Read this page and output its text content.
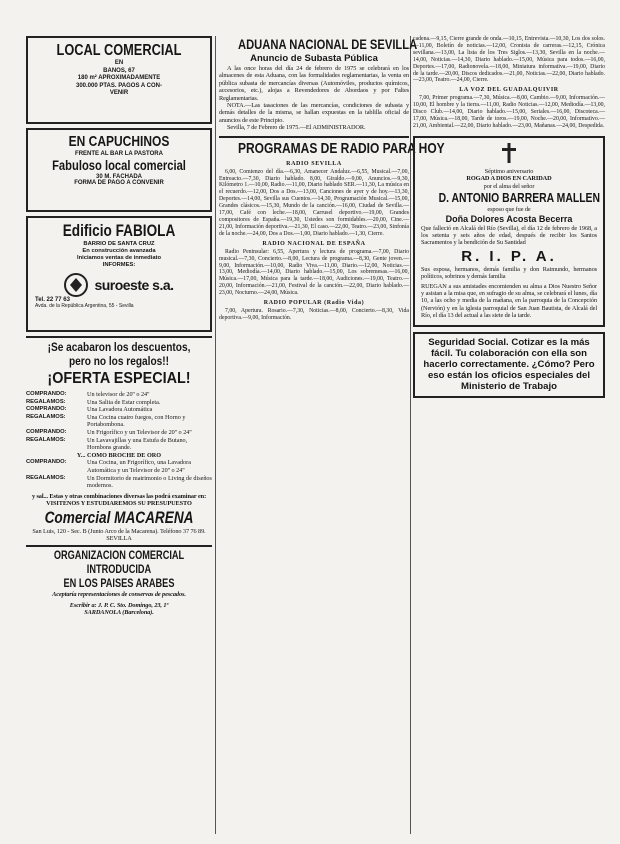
LOCAL COMERCIAL
EN
BANOS, 67
180 m² APROXIMADAMENTE
300.000 PTAS. PAGOS A CON-
VENIR
EN CAPUCHINOS
FRENTE AL BAR LA PASTORA
Fabuloso local comercial
30 M. FACHADA
FORMA DE PAGO A CONVENIR
Edificio FABIOLA
BARRIO DE SANTA CRUZ
En construcción avanzada
Iniciamos ventas de inmediato
INFORMES:
suroeste s.a.
Tel. 22 77 63
Avda. de la República Argentina, 55 - Sevilla
¡Se acabaron los descuentos, pero no los regalos!!
¡OFERTA ESPECIAL!
COMPRANDO:	Un televisor de 20'' o 24''
REGALAMOS:	Una Salita de Estar completa.
COMPRANDO:	Una Lavadora Automática
REGALAMOS:	Una Cocina cuatro fuegos, con Horno y Portabombona.
COMPRANDO:	Un Frigorífico y un Televisor de 20'' o 24''
REGALAMOS:	Un Lavavajillas y una Estufa de Butano, Hornbons grande.
Y... COMO BROCHE DE ORO
COMPRANDO:	Una Cocina, un Frigorífico, una Lavadora Automática y un Televisor de 20'' o 24''
REGALAMOS:	Un Dormitorio de matrimonio o Living de diseños modernos.
y sal... Estas y otras combinaciones diversas las podrá examinar en:
VISITENOS Y ESTUDIAREMOS SU PRESUPUESTO
Comercial MACARENA
San Luis, 120 - Sec. B (Junto Arco de la Macarena). Teléfono 37 76 89. SEVILLA
ORGANIZACION COMERCIAL
INTRODUCIDA
EN LOS PAISES ARABES
Aceptaría representaciones de conservas de pescados.
Escribir a: J. P. C. Sto. Domingo, 23, 1º
SARDANOLA (Barcelona).
ADUANA NACIONAL DE SEVILLA
Anuncio de Subasta Pública

A las once horas del día 24 de febrero de 1975 se celebrará en los almacenes de esta Aduana, con las formalidades reglamentarias, la venta en pública subasta de mercancías diversas (Automóviles, productos químicos, accesorios, etc.), alojas a Revendedores de Abordaos y por Faltes Reglamentarias.

NOTA.—Las tasaciones de las mercancías, condiciones de subasta y demás detalles de la misma, se hallan expuestas en la tablilla oficial de anuncios de este Principio.

Sevilla, 7 de Febrero de 1975.—El ADMINISTRADOR.

PROGRAMAS DE RADIO PARA HOY
RADIO SEVILLA

6,00, Comienzo del día.—6,30, Amanecer Andaluz.—6,55, Musical.—7,00, Entreacto.—7,30, Diario hablado. 8,00, Giraldo.—9,00, Anuncios.—9,30, Kilómetro 1.—10,00, Radio.—11,00, Diario hablado SER.—11,30, La música en el recuerdo.—12,00, Dos a Dos.—13,00, Canciones de ayer y de hoy.—13,30, Deportes.—14,00, Sevilla sus Cuentos.—14,30, Programación Musical.—15,00, Grandes clásicos.—15,30, Mundo de la canción.—16,00, Ciudad de Sevilla.—17,00, Café con leche.—18,00, Carrusel deportivo.—19,00, Grandes compositores de España.—19,30, Ustedes son formidables.—20,00, Cine.—21,00, Información deportiva.—21,30, El caso.—22,00, Teatro.—23,00, Sinfonía de la noche.—24,00, Dos a Dos.—1,00, Diario hablado.—1,30, Cierre.

RADIO NACIONAL DE ESPAÑA

Radio Peninsular: 6,55, Apertura y lectura de programa.—7,00, Diario musical.—7,30, Concierto.—8,00, Lectura de programa.—8,30, Gente joven.—9,00, Información.—10,00, Radio Viva.—11,00, Diario.—12,00, Noticias.—13,00, Mediodía.—14,00, Diario hablado.—15,00, Los sobremesas.—16,00, Música.—17,00, Música para la tarde.—18,00, Audiciones.—19,00, Teatro.—20,00, Información.—21,00, Festival de la canción.—22,00, Diario hablado.—23,00, Nocturno.—24,00, Música.

RADIO POPULAR (Radio Vida)

7,00, Apertura. Rosario.—7,30, Noticias.—8,00, Concierto.—8,30, Vida deportiva.—9,00, Información.

cadena.—9,15, Cierre grande de onda.—10,15, Entrevista.—10,30, Los dos solos.—11,00, Boletín de noticias.—12,00, Cronista de carreras.—12,15, Crónica sevillana.—13,00, La lista de los Tres Siglos.—13,30, Sevilla en la noche.—14,00, Noticias.—14,30, Diario hablado.—15,00, Música para todos.—16,00, Deportes.—17,00, Radionovela.—18,00, Miniatura informativa.—19,00, Diario de la tarde.—20,00, Discos dedicados.—21,00, Noticias.—22,00, Diario hablado.—23,00, Teatro.—24,00, Cierre.

LA VOZ DEL GUADALQUIVIR

7,00, Primer programa.—7,30, Música.—8,00, Cambio.—9,00, Información.—10,00, El hombre y la tierra.—11,00, Radio Noticias.—12,00, Mediodía.—13,00, Disco Club.—14,00, Diario hablado.—15,00, Seriales.—16,00, Discoteca.—17,00, Música.—18,00, Tarde de toros.—19,00, Noche.—20,00, Informativo.—21,00, Ambiental.—22,00, Diario hablado.—23,00, Mañanas.—24,00, Despedida.

Séptimo aniversario
ROGAD A DIOS EN CARIDAD
por el alma del señor
D. ANTONIO BARRERA MALLEN
esposo que fue de
Doña Dolores Acosta Becerra

Que falleció en Alcalá del Río (Sevilla), el día 12 de febrero de 1968, a los setenta y seis años de edad, después de recibir los Santos Sacramentos y la bendición de Su Santidad

R. I. P. A.

Sus esposa, hermanos, demás familia y don Raimundo, hermanos políticos, sobrinos y demás familia

RUEGAN a sus amistades encomienden su alma a Dios Nuestro Señor y asistan a la misa que, en sufragio de su alma, se celebrará el lunes, día 10, a las ocho y media de la mañana, en la parroquia de la Concepción (Nervión) y en la iglesia parroquial de San Juan Bautista, de Alcalá del Río, el día 13 del actual a las siete de la tarde.

Seguridad Social. Cotizar es la más fácil. Tu colaboración con ella son hacerlo correctamente. ¿Cómo? Pero eso están los oficios especiales del Ministerio de Trabajo
